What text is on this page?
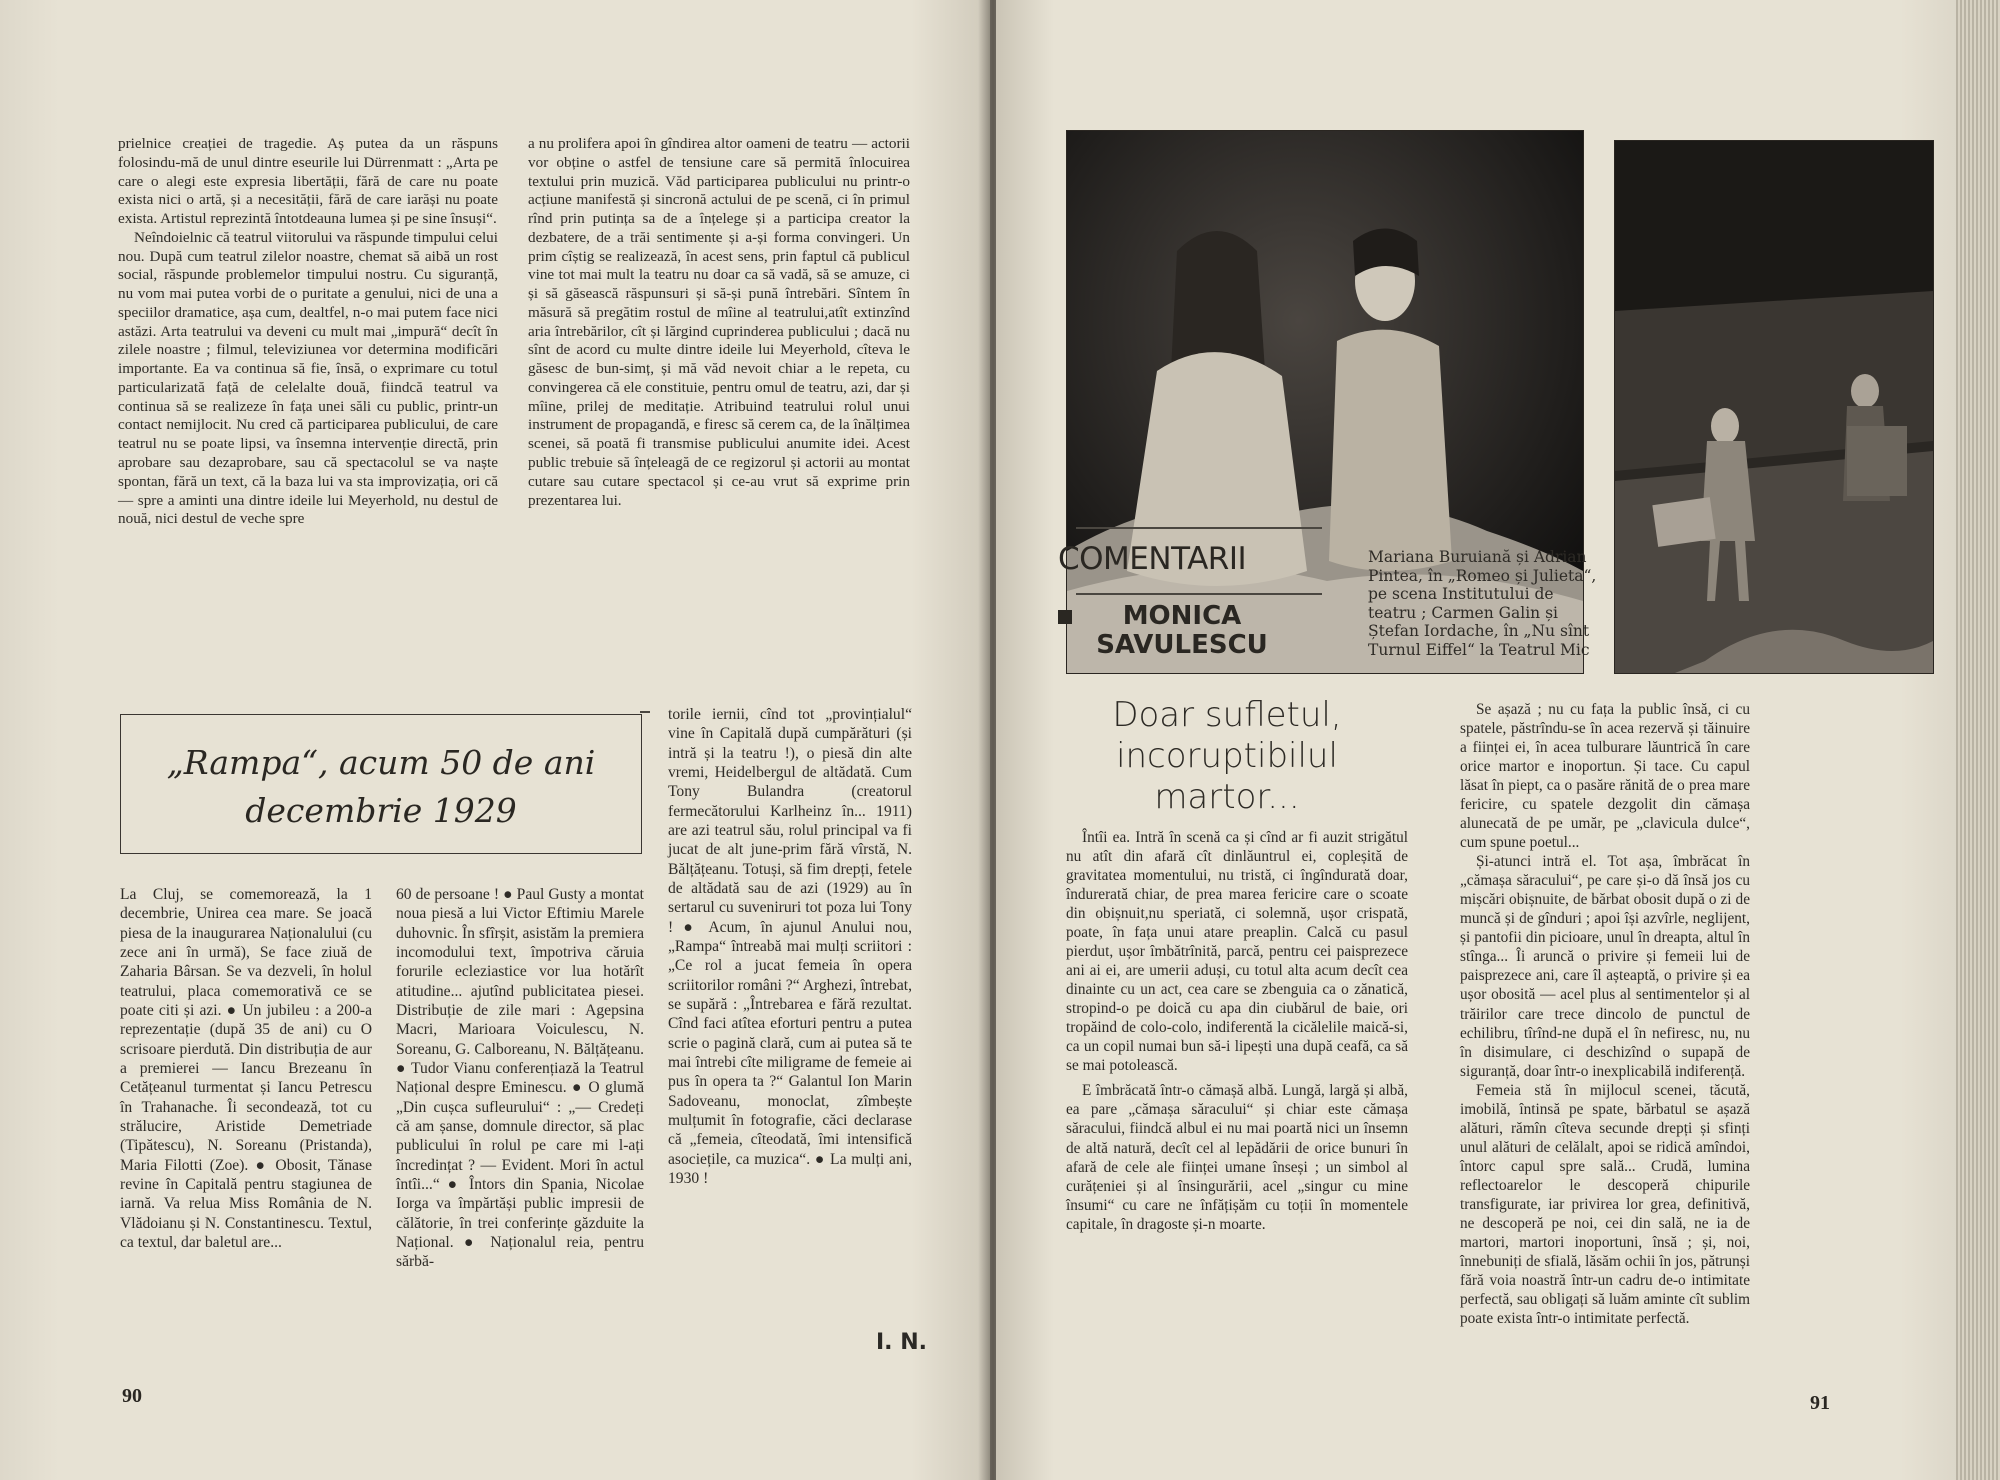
prielnice creației de tragedie. Aș putea da un răspuns folosindu-mă de unul dintre esеurile lui Dürrenmatt : „Arta pe care o alegi este expresia libertății, fără de care nu poate exista nici o artă, și a necesității, fără de care iarăși nu poate exista. Artistul reprezintă întotdeauna lumea și pe sine însuși“.

Neîndoielnic că teatrul viitorului va răspunde timpului celui nou. După cum teatrul zilelor noastre, chemat să aibă un rost social, răspunde problemelor timpului nostru. Cu siguranță, nu vom mai putea vorbi de o puritate a genului, nici de una a speciilor dramatice, așa cum, dealtfel, n-o mai putem face nici astăzi. Arta teatrului va deveni cu mult mai „impură“ decît în zilele noastre ; filmul, televiziunea vor determina modificări importante. Ea va continua să fie, însă, o exprimare cu totul particularizată față de celelalte două, fiindcă teatrul va continua să se realizeze în fața unei săli cu public, printr-un contact nemijlocit. Nu cred că participarea publicului, de care teatrul nu se poate lipsi, va însemna intervenție directă, prin aprobare sau dezaprobare, sau că spectacolul se va naște spontan, fără un text, că la baza lui va sta improvizația, ori că — spre a aminti una dintre ideile lui Meyerhold, nu destul de nouă, nici destul de veche spre

a nu prolifera apoi în gîndirea altor oameni de teatru — actorii vor obține o astfel de tensiune care să permită înlocuirea textului prin muzică. Văd participarea publicului nu printr-o acțiune manifestă și sincronă actului de pe scenă, ci în primul rînd prin putința sa de a înțelege și a participa creator la dezbatere, de a trăi sentimente și a-și forma convingeri. Un prim cîștig se realizează, în acest sens, prin faptul că publicul vine tot mai mult la teatru nu doar ca să vadă, să se amuze, ci și să găsească răspunsuri și să-și pună întrebări. Sîntem în măsură să pregătim rostul de mîine al teatrului,atît extinzînd aria întrebărilor, cît și lărgind cuprinderea publicului ; dacă nu sînt de acord cu multe dintre ideile lui Meyerhold, cîteva le găsesc de bun-simț, și mă văd nevoit chiar a le repeta, cu convingerea că ele constituie, pentru omul de teatru, azi, dar și mîine, prilej de meditație. Atribuind teatrului rolul unui instrument de propagandă, e firesc să cerem ca, de la înălțimea scenei, să poată fi transmise publicului anumite idei. Acest public trebuie să înțeleagă de ce regizorul și actorii au montat cutare sau cutare spectacol și ce-au vrut să exprime prin prezentarea lui.

„Rampa“, acum 50 de ani
decembrie 1929

La Cluj, se comemorează, la 1 decembrie, Unirea cea mare. Se joacă piesa de la inaugurarea Naționalului (cu zece ani în urmă), Se face ziuă de Zaharia Bârsan. Se va dezveli, în holul teatrului, placa comemorativă ce se poate citi și azi. ● Un jubileu : a 200-a reprezentație (după 35 de ani) cu O scrisoare pierdută. Din distribuția de aur a premierei — Iancu Brezeanu în Cetățeanul turmentat și Iancu Petrescu în Trahanache. Îi secondează, tot cu strălucire, Aristide Demetriade (Tipătescu), N. Soreanu (Pristanda), Maria Filotti (Zoe). ● Obosit, Tănase revine în Capitală pentru stagiunea de iarnă. Va relua Miss România de N. Vlădoianu și N. Constantinescu. Textul, ca textul, dar baletul are...

60 de persoane ! ● Paul Gusty a montat noua piesă a lui Victor Eftimiu Marele duhovnic. În sfîrșit, asistăm la premiera incomodului text, împotriva căruia forurile ecleziastice vor lua hotărît atitudine... ajutînd publicitatea piesei. Distribuție de zile mari : Agepsina Macri, Marioara Voiculescu, N. Soreanu, G. Calboreanu, N. Bălțățeanu. ● Tudor Vianu conferențiază la Teatrul Național despre Eminescu. ● O glumă „Din cușca sufleurului“ : „— Credeți că am șanse, domnule director, să plac publicului în rolul pe care mi l-ați încredințat ? — Evident. Mori în actul întîi...“ ● Întors din Spania, Nicolae Iorga va împărtăși public impresii de călătorie, în trei conferințe găzduite la Național. ● Naționalul reia, pentru sărbă-

torile iernii, cînd tot „provințialul“ vine în Capitală după cumpărături (și intră și la teatru !), o piesă din alte vremi, Heidelbergul de altădată. Cum Tony Bulandra (creatorul fermecătorului Karlheinz în... 1911) are azi teatrul său, rolul principal va fi jucat de alt june-prim fără vîrstă, N. Bălțățeanu. Totuși, să fim drepți, fetele de altădată sau de azi (1929) au în sertarul cu suveniruri tot poza lui Tony ! ● Acum, în ajunul Anului nou, „Rampa“ întreabă mai mulți scriitori : „Ce rol a jucat femeia în opera scriitorilor români ?“ Arghezi, întrebat, se supără : „Întrebarea e fără rezultat. Cînd faci atîtea eforturi pentru a putea scrie o pagină clară, cum ai putea să te mai întrebi cîte miligrame de femeie ai pus în opera ta ?“ Galantul Ion Marin Sadoveanu, monoclat, zîmbește mulțumit în fotografie, căci declarase că „femeia, cîteodată, îmi intensifică asociețile, ca muzica“. ● La mulți ani, 1930 !

I. N.
90
COMENTARII
MONICA SAVULESCU
Mariana Buruiană și Adrian Pintea, în „Romeo și Julieta“, pe scena Institutului de teatru ; Carmen Galin și Ștefan Iordache, în „Nu sînt Turnul Eiffel“ la Teatrul Mic
Doar sufletul,
incoruptibilul martor...

Întîi ea. Intră în scenă ca și cînd ar fi auzit strigătul nu atît din afară cît dinlăuntrul ei, copleșită de gravitatea momentului, nu tristă, ci îngîndurată doar, îndurerată chiar, de prea marea fericire care o scoate din obișnuit,nu speriată, ci solemnă, ușor crispată, poate, în fața unui atare preaplin. Calcă cu pasul pierdut, ușor îmbătrînită, parcă, pentru cei paisprezece ani ai ei, are umerii aduși, cu totul alta acum decît cea dinainte cu un act, cea care se zbenguia ca o zănatică, stropind-o pe doică cu apa din ciubărul de baie, ori tropăind de colo-colo, indiferentă la cicălelile maică-si, ca un copil numai bun să-i lipești una după ceafă, ca să se mai potolească.

E îmbrăcată într-o cămașă albă. Lungă, largă și albă, ea pare „cămașa săracului“ și chiar este cămașa săracului, fiindcă albul ei nu mai poartă nici un însemn de altă natură, decît cel al lepădării de orice bunuri în afară de cele ale ființei umane înseși ; un simbol al curățeniei și al însingurării, acel „singur cu mine însumi“ cu care ne înfățișăm cu toții în momentele capitale, în dragoste și-n moarte.

Se așază ; nu cu fața la public însă, ci cu spatele, păstrîndu-se în acea rezervă și tăinuire a ființei ei, în acea tulburare lăuntrică în care orice martor e inoportun. Și tace. Cu capul lăsat în piept, ca o pasăre rănită de o prea mare fericire, cu spatele dezgolit din cămașa alunecată de pe umăr, pe „clavicula dulce“, cum spune poetul...

Și-atunci intră el. Tot așa, îmbrăcat în „cămașa săracului“, pe care și-o dă însă jos cu mișcări obișnuite, de bărbat obosit după o zi de muncă și de gînduri ; apoi își azvîrle, neglijent, și pantofii din picioare, unul în dreapta, altul în stînga... Îi aruncă o privire și femeii lui de paisprezece ani, care îl așteaptă, o privire și ea ușor obosită — acel plus al sentimentelor și al trăirilor care trece dincolo de punctul de echilibru, tîrînd-ne după el în nefiresc, nu, nu în disimulare, ci deschizînd o supapă de siguranță, doar într-o inexplicabilă indiferență.

Femeia stă în mijlocul scenei, tăcută, imobilă, întinsă pe spate, bărbatul se așază alături, rămîn cîteva secunde drepți și sfinți unul alături de celălalt, apoi se ridică amîndoi, întorc capul spre sală... Crudă, lumina reflectoarelor le descoperă chipurile transfigurate, iar privirea lor grea, definitivă, ne descoperă pe noi, cei din sală, ne ia de martori, martori inoportuni, însă ; și, noi, înnebuniți de sfială, lăsăm ochii în jos, pătrunși fără voia noastră într-un cadru de-o intimitate perfectă, sau obligați să luăm aminte cît sublim poate exista într-o intimitate perfectă.

91
